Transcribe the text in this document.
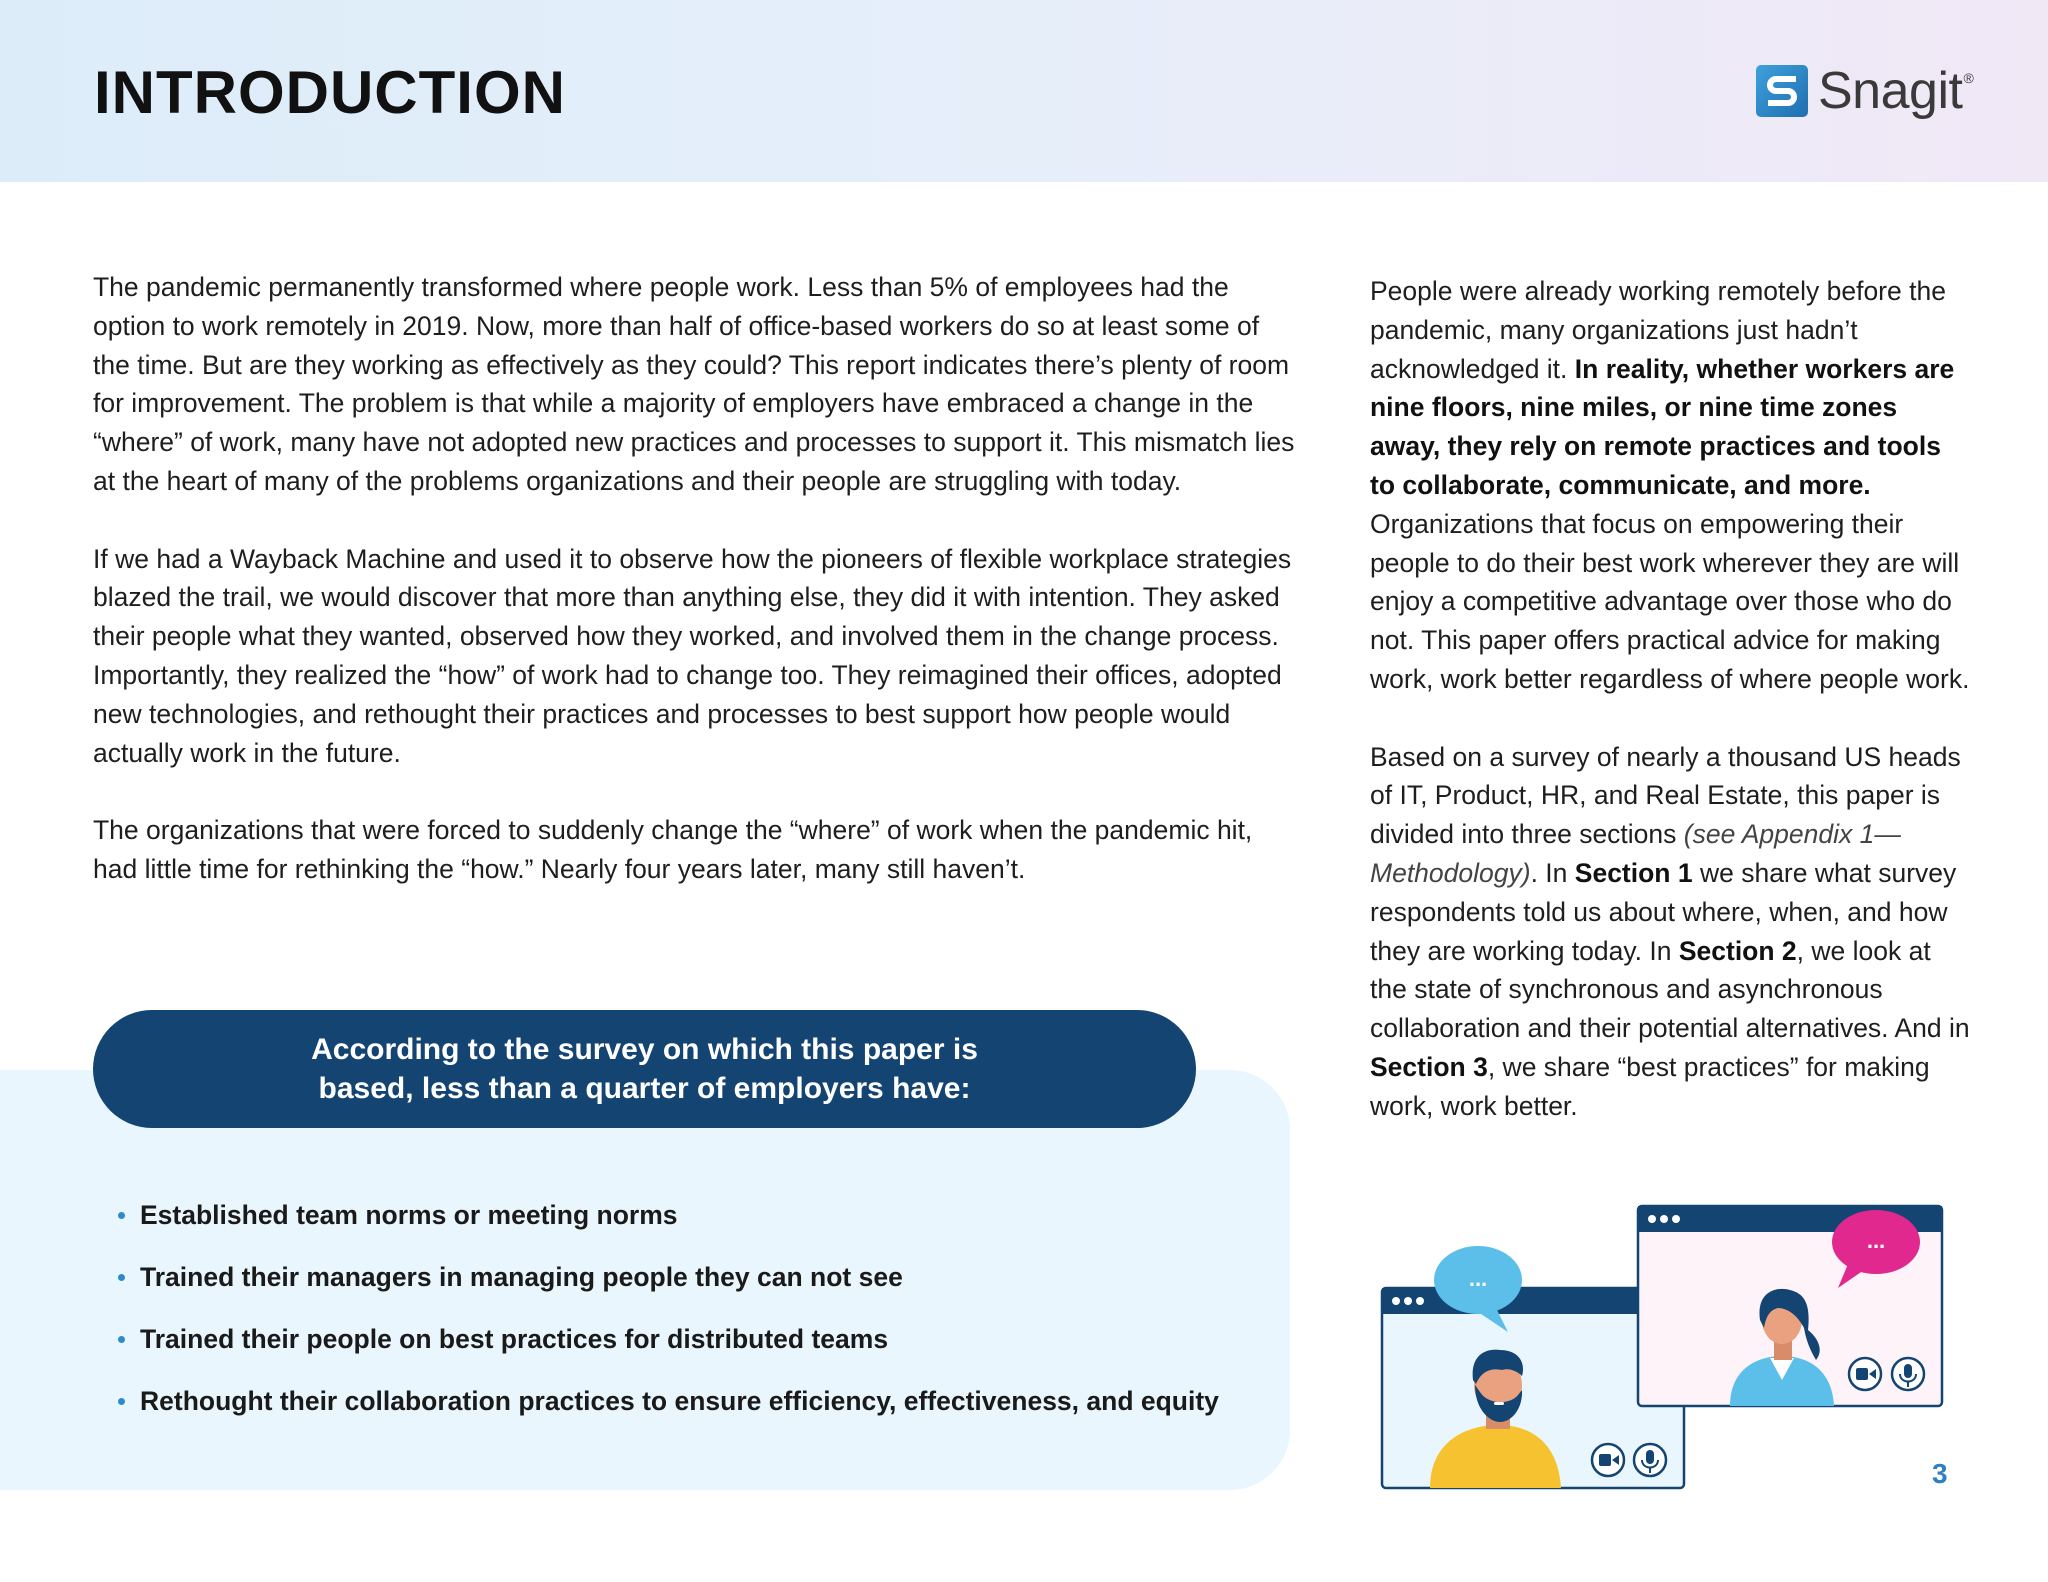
INTRODUCTION	Snagit®

The pandemic permanently transformed where people work. Less than 5% of employees had the option to work remotely in 2019. Now, more than half of office-based workers do so at least some of the time. But are they working as effectively as they could? This report indicates there’s plenty of room for improvement. The problem is that while a majority of employers have embraced a change in the “where” of work, many have not adopted new practices and processes to support it. This mismatch lies at the heart of many of the problems organizations and their people are struggling with today.

If we had a Wayback Machine and used it to observe how the pioneers of flexible workplace strategies blazed the trail, we would discover that more than anything else, they did it with intention. They asked their people what they wanted, observed how they worked, and involved them in the change process. Importantly, they realized the “how” of work had to change too. They reimagined their offices, adopted new technologies, and rethought their practices and processes to best support how people would actually work in the future.

The organizations that were forced to suddenly change the “where” of work when the pandemic hit, had little time for rethinking the “how.” Nearly four years later, many still haven’t.

According to the survey on which this paper is based, less than a quarter of employers have:
Established team norms or meeting norms
Trained their managers in managing people they can not see
Trained their people on best practices for distributed teams
Rethought their collaboration practices to ensure efficiency, effectiveness, and equity

People were already working remotely before the pandemic, many organizations just hadn’t acknowledged it. In reality, whether workers are nine floors, nine miles, or nine time zones away, they rely on remote practices and tools to collaborate, communicate, and more. Organizations that focus on empowering their people to do their best work wherever they are will enjoy a competitive advantage over those who do not. This paper offers practical advice for making work, work better regardless of where people work.

Based on a survey of nearly a thousand US heads of IT, Product, HR, and Real Estate, this paper is divided into three sections (see Appendix 1—Methodology). In Section 1 we share what survey respondents told us about where, when, and how they are working today. In Section 2, we look at the state of synchronous and asynchronous collaboration and their potential alternatives. And in Section 3, we share “best practices” for making work, work better.

...
...
3
